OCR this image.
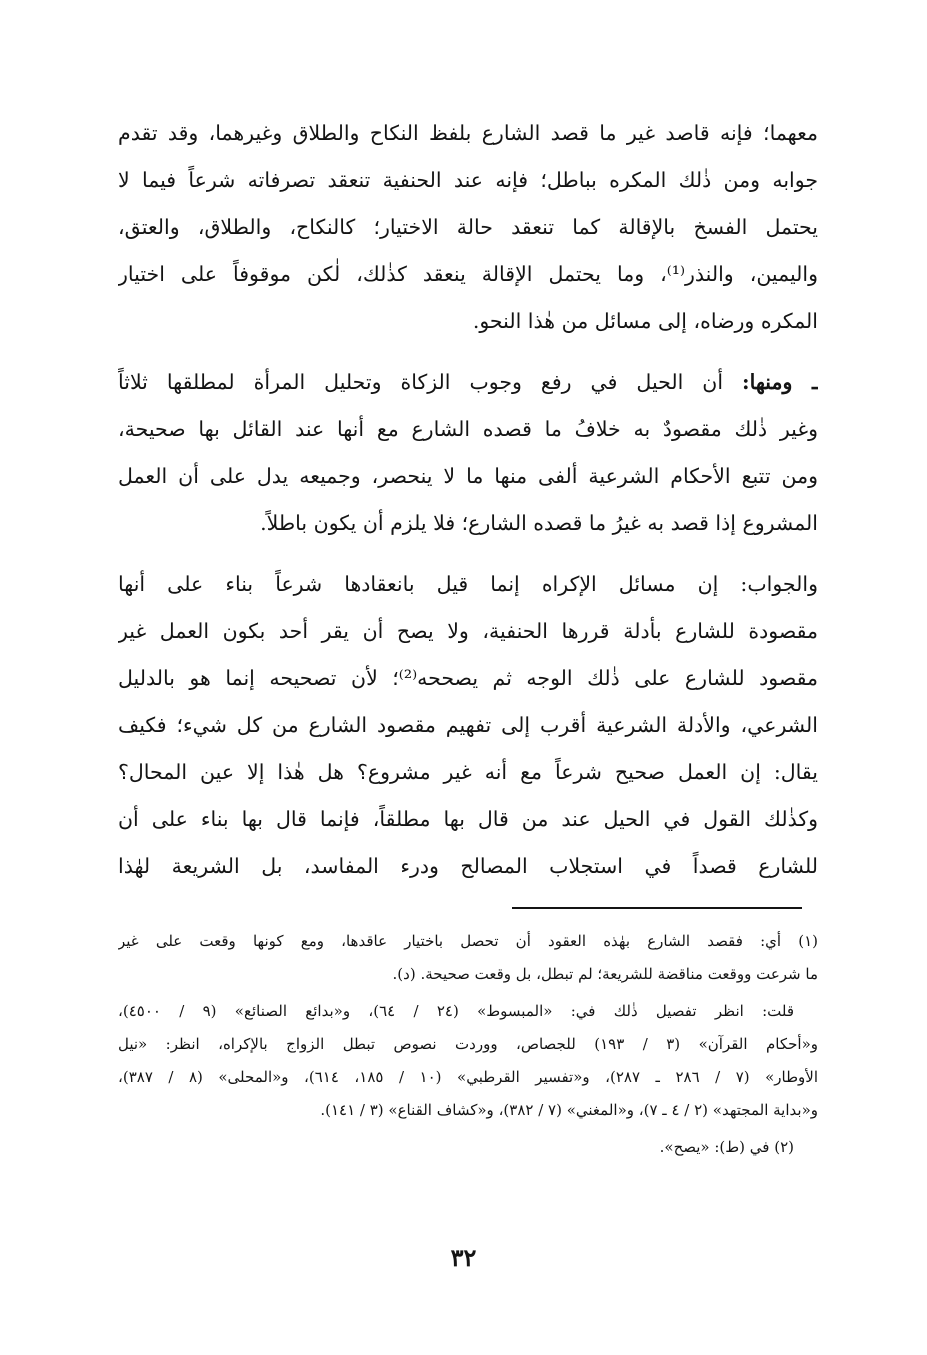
معهما؛ فإنه قاصد غير ما قصد الشارع بلفظ النكاح والطلاق وغيرهما، وقد تقدم
جوابه ومن ذٰلك المكره بباطل؛ فإنه عند الحنفية تنعقد تصرفاته شرعاً فيما لا
يحتمل الفسخ بالإقالة كما تنعقد حالة الاختيار؛ كالنكاح، والطلاق، والعتق،
واليمين، والنذر⁽¹⁾، وما يحتمل الإقالة ينعقد كذٰلك، لٰكن موقوفاً على اختيار
المكره ورضاه، إلى مسائل من هٰذا النحو.
ـ ومنها: أن الحيل في رفع وجوب الزكاة وتحليل المرأة لمطلقها ثلاثاً
وغير ذٰلك مقصودٌ به خلافُ ما قصده الشارع مع أنها عند القائل بها صحيحة،
ومن تتبع الأحكام الشرعية ألفى منها ما لا ينحصر، وجميعه يدل على أن العمل
المشروع إذا قصد به غيرُ ما قصده الشارع؛ فلا يلزم أن يكون باطلاً.
والجواب: إن مسائل الإكراه إنما قيل بانعقادها شرعاً بناء على أنها
مقصودة للشارع بأدلة قررها الحنفية، ولا يصح أن يقر أحد بكون العمل غير
مقصود للشارع على ذٰلك الوجه ثم يصححه⁽²⁾؛ لأن تصحيحه إنما هو بالدليل
الشرعي، والأدلة الشرعية أقرب إلى تفهيم مقصود الشارع من كل شيء؛ فكيف
يقال: إن العمل صحيح شرعاً مع أنه غير مشروع؟ هل هٰذا إلا عين المحال؟
وكذٰلك القول في الحيل عند من قال بها مطلقاً، فإنما قال بها بناء على أن
للشارع قصداً في استجلاب المصالح ودرء المفاسد، بل الشريعة لهٰذا
(١) أي: فقصد الشارع بهٰذه العقود أن تحصل باختيار عاقدها، ومع كونها وقعت على غير
ما شرعت ووقعت مناقضة للشريعة؛ لم تبطل، بل وقعت صحيحة. (د).
قلت: انظر تفصيل ذٰلك في: «المبسوط» (٢٤ / ٦٤)، و«بدائع الصنائع» (٩ / ٤٥٠٠)،
و«أحكام القرآن» (٣ / ١٩٣) للجصاص، ووردت نصوص تبطل الزواج بالإكراه، انظر: «نيل
الأوطار» (٧ / ٢٨٦ ـ ٢٨٧)، و«تفسير القرطبي» (١٠ / ١٨٥، ٦١٤)، و«المحلى» (٨ / ٣٨٧)،
و«بداية المجتهد» (٢ / ٤ ـ ٧)، و«المغني» (٧ / ٣٨٢)، و«كشاف القناع» (٣ / ١٤١).
(٢) في (ط): «يصح».
٣٢
